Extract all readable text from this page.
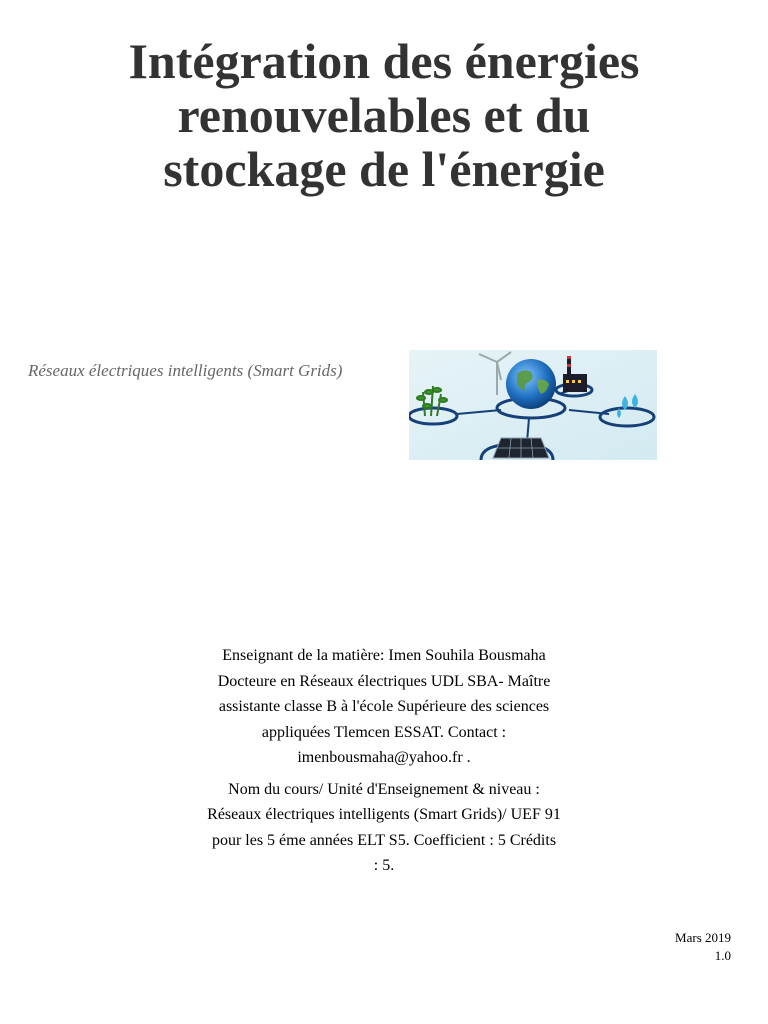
Intégration des énergies
renouvelables et du
stockage de l'énergie
Réseaux électriques intelligents (Smart Grids)

Enseignant de la matière: Imen Souhila Bousmaha
Docteure en Réseaux électriques UDL SBA- Maître
assistante classe B à l'école Supérieure des sciences
appliquées Tlemcen ESSAT. Contact :
imenbousmaha@yahoo.fr .

Nom du cours/ Unité d'Enseignement & niveau :
Réseaux électriques intelligents (Smart Grids)/ UEF 91
pour les 5 éme années ELT S5. Coefficient : 5 Crédits
: 5.

Mars 2019
1.0
